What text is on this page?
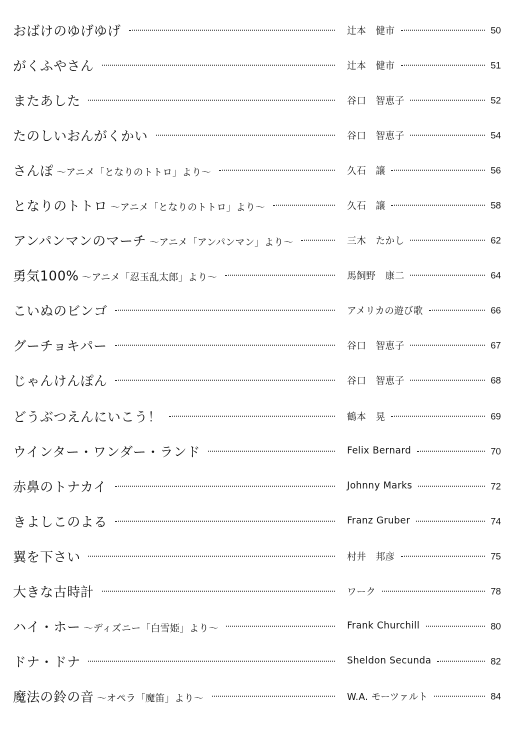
おばけのゆげゆげ	辻本　健市	50
がくふやさん	辻本　健市	51
またあした	谷口　智恵子	52
たのしいおんがくかい	谷口　智恵子	54
さんぽ ～アニメ「となりのトトロ」より～	久石　譲	56
となりのトトロ ～アニメ「となりのトトロ」より～	久石　譲	58
アンパンマンのマーチ ～アニメ「アンパンマン」より～	三木　たかし	62
勇気100% ～アニメ「忍玉乱太郎」より～	馬飼野　康二	64
こいぬのビンゴ	アメリカの遊び歌	66
グーチョキパー	谷口　智恵子	67
じゃんけんぽん	谷口　智恵子	68
どうぶつえんにいこう！	鶴本　晃	69
ウインター・ワンダー・ランド	Felix Bernard	70
赤鼻のトナカイ	Johnny Marks	72
きよしこのよる	Franz Gruber	74
翼を下さい	村井　邦彦	75
大きな古時計	ワーク	78
ハイ・ホー ～ディズニー「白雪姫」より～	Frank Churchill	80
ドナ・ドナ	Sheldon Secunda	82
魔法の鈴の音 ～オペラ「魔笛」より～	W.A. モーツァルト	84
